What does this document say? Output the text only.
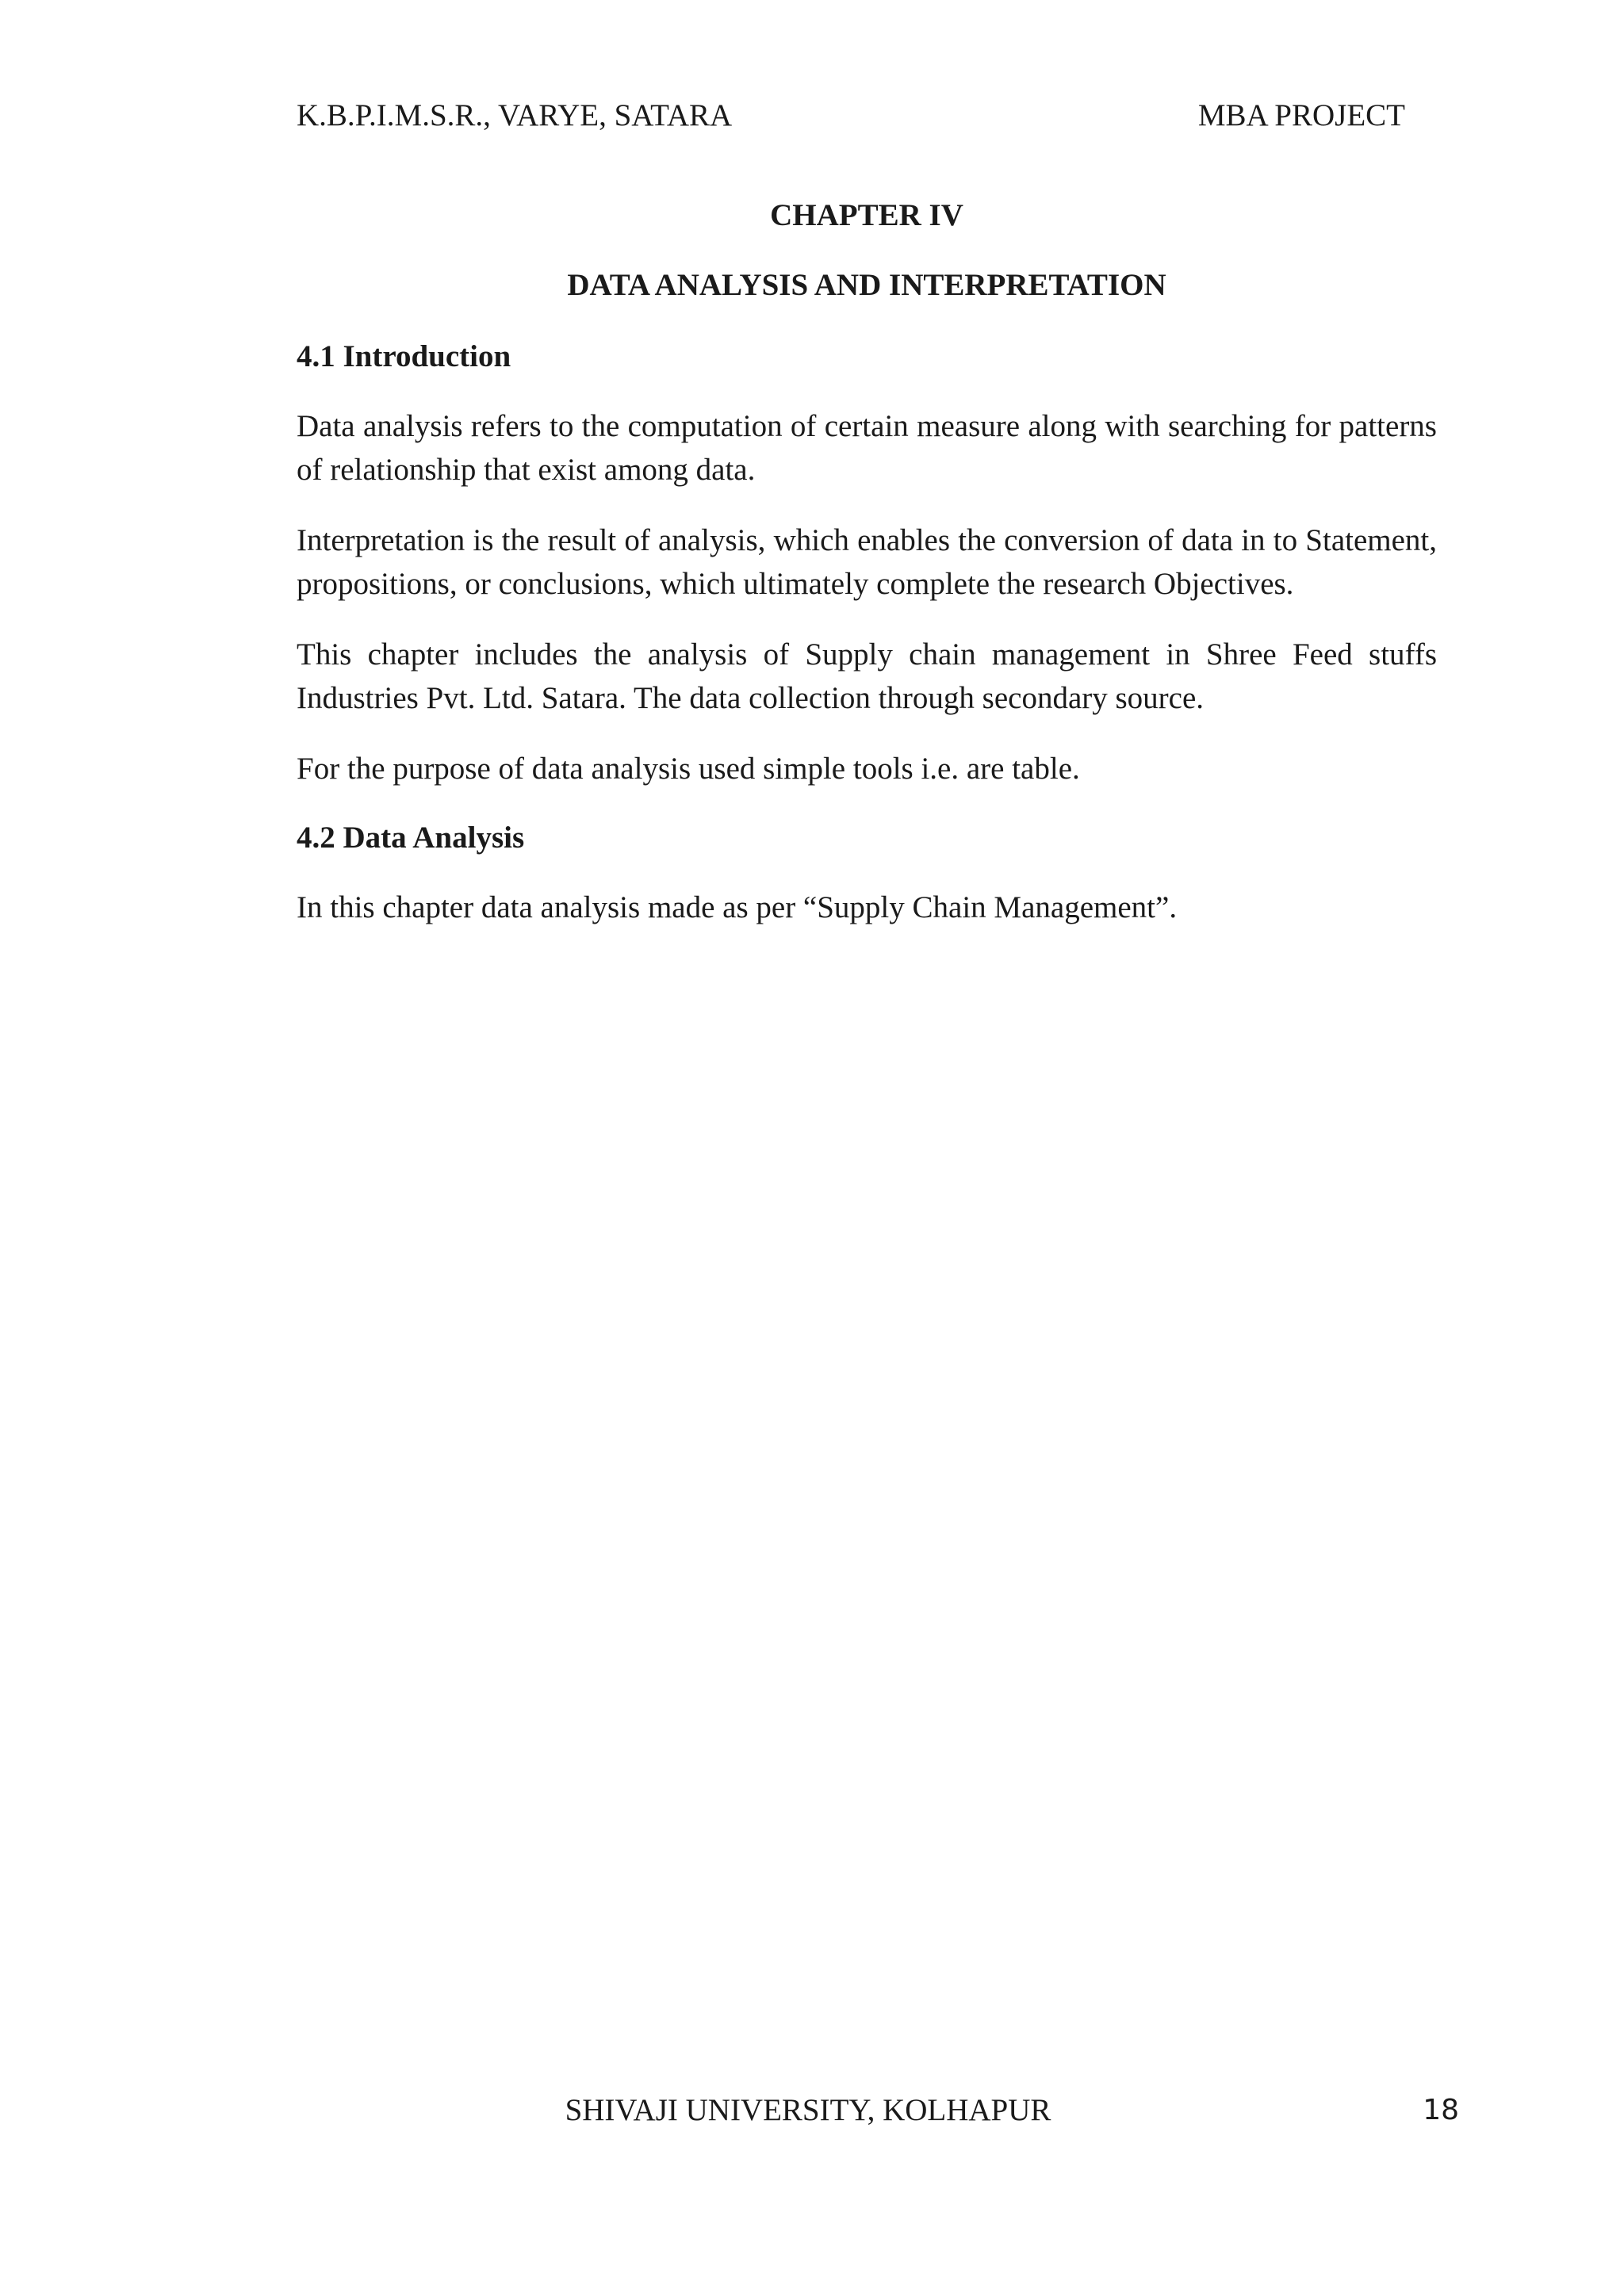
K.B.P.I.M.S.R., VARYE, SATARA	MBA PROJECT
CHAPTER IV
DATA ANALYSIS AND INTERPRETATION
4.1 Introduction

Data analysis refers to the computation of certain measure along with searching for patterns of relationship that exist among data.

Interpretation is the result of analysis, which enables the conversion of data in to Statement, propositions, or conclusions, which ultimately complete the research Objectives.

This chapter includes the analysis of Supply chain management in Shree Feed stuffs Industries Pvt. Ltd. Satara. The data collection through secondary source.

For the purpose of data analysis used simple tools i.e. are table.

4.2 Data Analysis

In this chapter data analysis made as per “Supply Chain Management”.

SHIVAJI UNIVERSITY, KOLHAPUR	18
